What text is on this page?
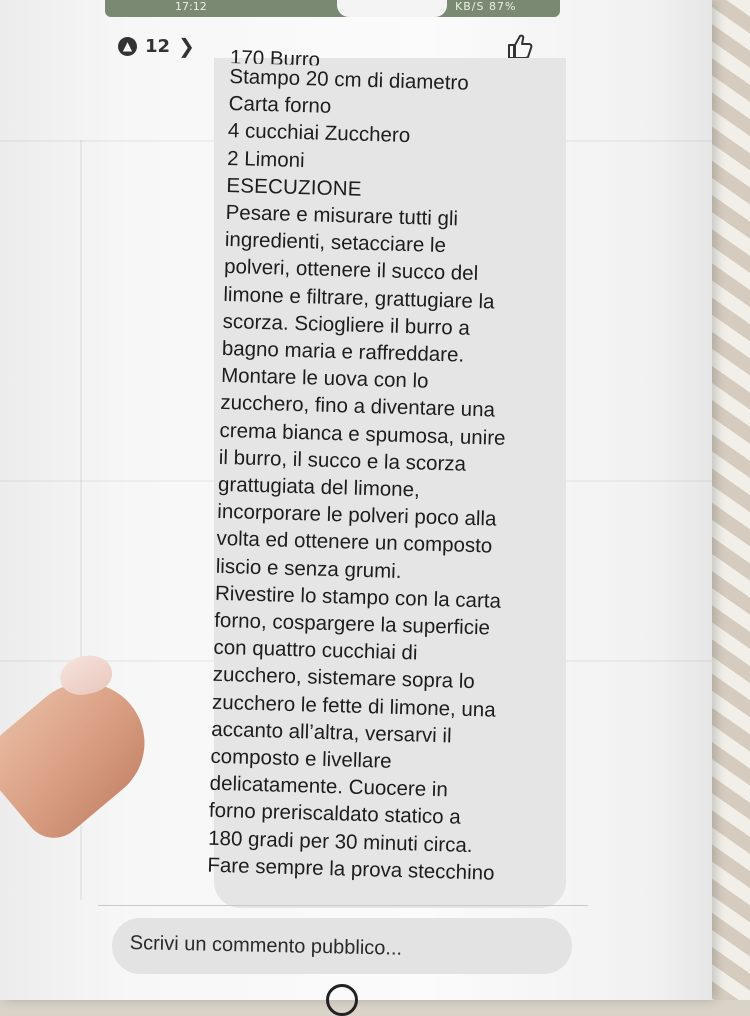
17:12	KB/S 87%
▲ 12 ❯
170 Burro
Stampo 20 cm di diametro
Carta forno
4 cucchiai Zucchero
2 Limoni
ESECUZIONE
Pesare e misurare tutti gli
ingredienti, setacciare le
polveri, ottenere il succo del
limone e filtrare, grattugiare la
scorza. Sciogliere il burro a
bagno maria e raffreddare.
Montare le uova con lo
zucchero, fino a diventare una
crema bianca e spumosa, unire
il burro, il succo e la scorza
grattugiata del limone,
incorporare le polveri poco alla
volta ed ottenere un composto
liscio e senza grumi.
Rivestire lo stampo con la carta
forno, cospargere la superficie
con quattro cucchiai di
zucchero, sistemare sopra lo
zucchero le fette di limone, una
accanto all’altra, versarvi il
composto e livellare
delicatamente. Cuocere in
forno preriscaldato statico a
180 gradi per 30 minuti circa.
Fare sempre la prova stecchino
Scrivi un commento pubblico...
